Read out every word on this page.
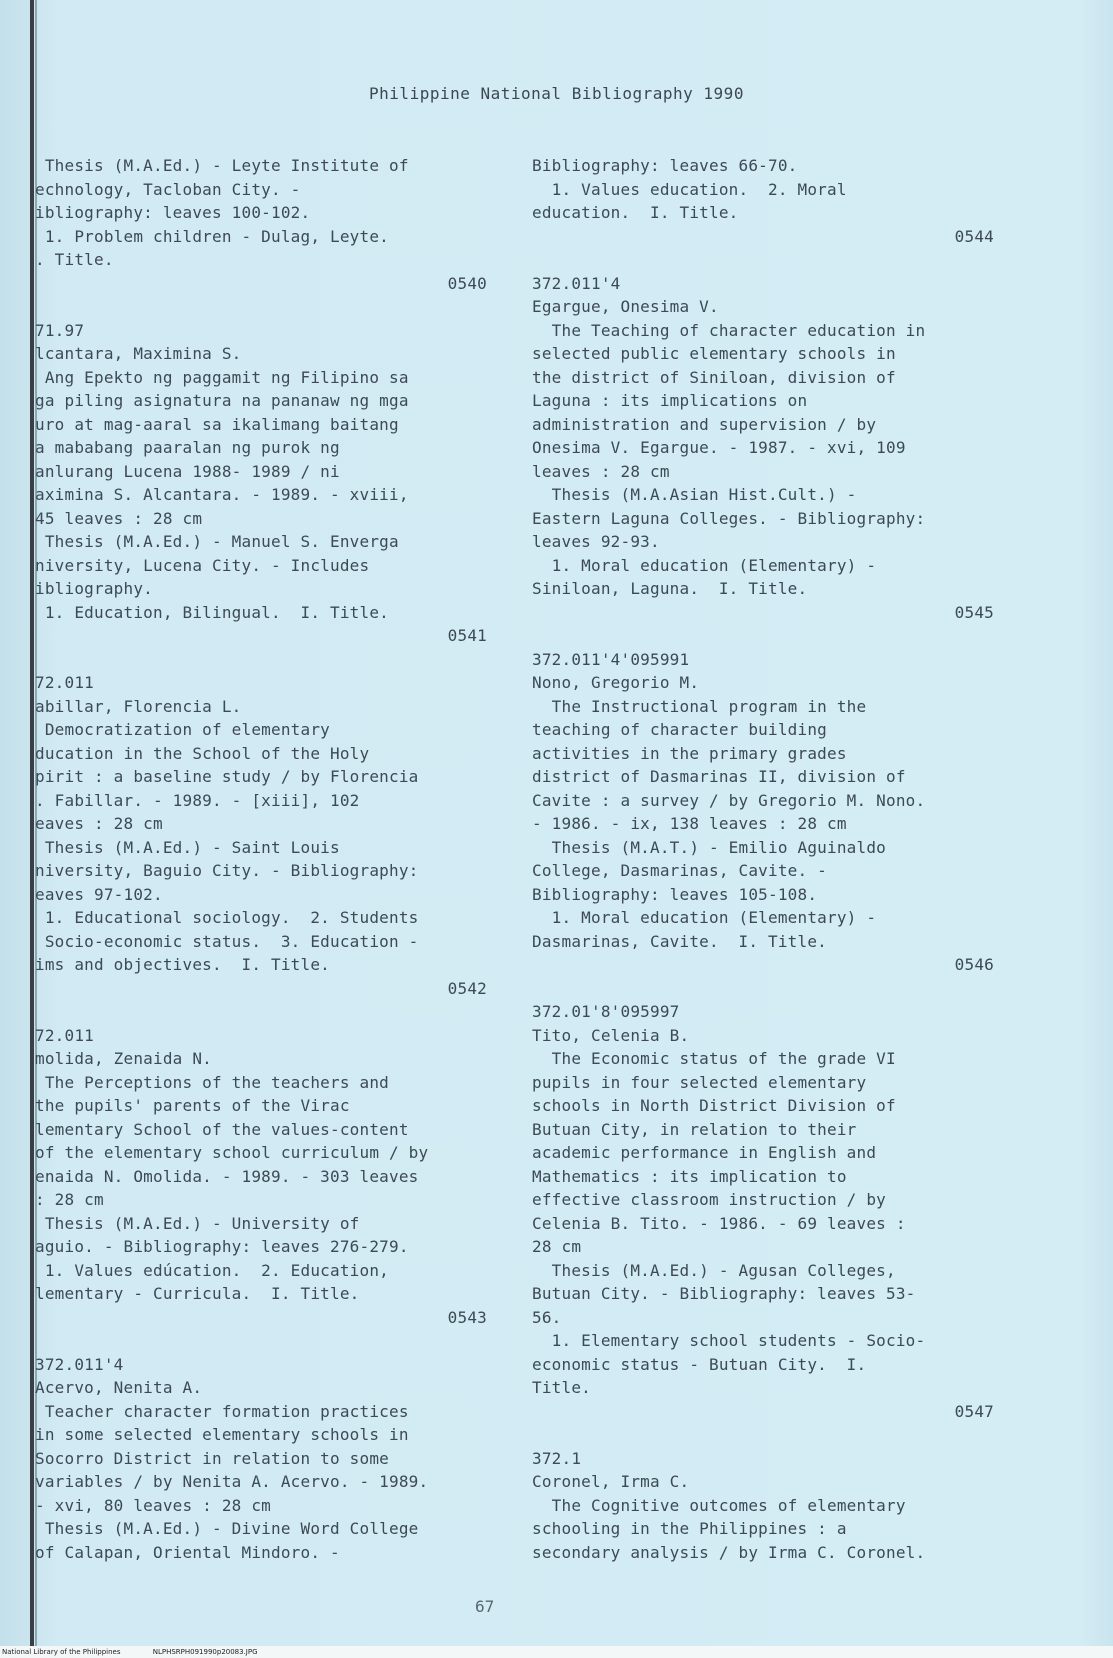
Philippine National Bibliography 1990

Thesis (M.A.Ed.) - Leyte Institute of

echnology, Tacloban City. -

ibliography: leaves 100-102.

1. Problem children - Dulag, Leyte.

. Title.

0540

71.97

lcantara, Maximina S.

Ang Epekto ng paggamit ng Filipino sa

ga piling asignatura na pananaw ng mga

uro at mag-aaral sa ikalimang baitang

a mababang paaralan ng purok ng

anlurang Lucena 1988- 1989 / ni

aximina S. Alcantara. - 1989. - xviii,

45 leaves : 28 cm

Thesis (M.A.Ed.) - Manuel S. Enverga

niversity, Lucena City. - Includes

ibliography.

1. Education, Bilingual.  I. Title.

0541

72.011

abillar, Florencia L.

Democratization of elementary

ducation in the School of the Holy

pirit : a baseline study / by Florencia

. Fabillar. - 1989. - [xiii], 102

eaves : 28 cm

Thesis (M.A.Ed.) - Saint Louis

niversity, Baguio City. - Bibliography:

eaves 97-102.

1. Educational sociology.  2. Students

Socio-economic status.  3. Education -

ims and objectives.  I. Title.

0542

72.011

molida, Zenaida N.

The Perceptions of the teachers and

the pupils' parents of the Virac

lementary School of the values-content

of the elementary school curriculum / by

enaida N. Omolida. - 1989. - 303 leaves

: 28 cm

Thesis (M.A.Ed.) - University of

aguio. - Bibliography: leaves 276-279.

1. Values edúcation.  2. Education,

lementary - Curricula.  I. Title.

0543

372.011'4

Acervo, Nenita A.

Teacher character formation practices

in some selected elementary schools in

Socorro District in relation to some

variables / by Nenita A. Acervo. - 1989.

- xvi, 80 leaves : 28 cm

Thesis (M.A.Ed.) - Divine Word College

of Calapan, Oriental Mindoro. -

Bibliography: leaves 66-70.

1. Values education.  2. Moral

education.  I. Title.

0544

372.011'4

Egargue, Onesima V.

The Teaching of character education in

selected public elementary schools in

the district of Siniloan, division of

Laguna : its implications on

administration and supervision / by

Onesima V. Egargue. - 1987. - xvi, 109

leaves : 28 cm

Thesis (M.A.Asian Hist.Cult.) -

Eastern Laguna Colleges. - Bibliography:

leaves 92-93.

1. Moral education (Elementary) -

Siniloan, Laguna.  I. Title.

0545

372.011'4'095991

Nono, Gregorio M.

The Instructional program in the

teaching of character building

activities in the primary grades

district of Dasmarinas II, division of

Cavite : a survey / by Gregorio M. Nono.

- 1986. - ix, 138 leaves : 28 cm

Thesis (M.A.T.) - Emilio Aguinaldo

College, Dasmarinas, Cavite. -

Bibliography: leaves 105-108.

1. Moral education (Elementary) -

Dasmarinas, Cavite.  I. Title.

0546

372.01'8'095997

Tito, Celenia B.

The Economic status of the grade VI

pupils in four selected elementary

schools in North District Division of

Butuan City, in relation to their

academic performance in English and

Mathematics : its implication to

effective classroom instruction / by

Celenia B. Tito. - 1986. - 69 leaves :

28 cm

Thesis (M.A.Ed.) - Agusan Colleges,

Butuan City. - Bibliography: leaves 53-

56.

1. Elementary school students - Socio-

economic status - Butuan City.  I.

Title.

0547

372.1

Coronel, Irma C.

The Cognitive outcomes of elementary

schooling in the Philippines : a

secondary analysis / by Irma C. Coronel.

67
National Library of the Philippines	NLPHSRPH091990p20083.JPG
